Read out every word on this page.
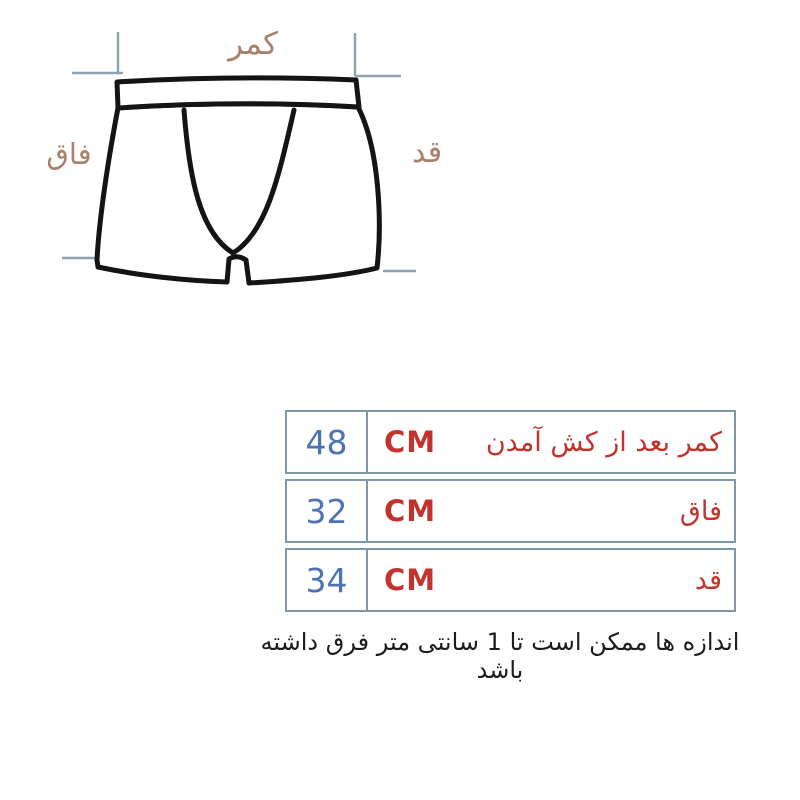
کمر
فاق	قد
48	CM کمر بعد از کش آمدن

32	CM فاق

34	CM قد
اندازه ها ممکن است تا 1 سانتی متر فرق داشته باشد
